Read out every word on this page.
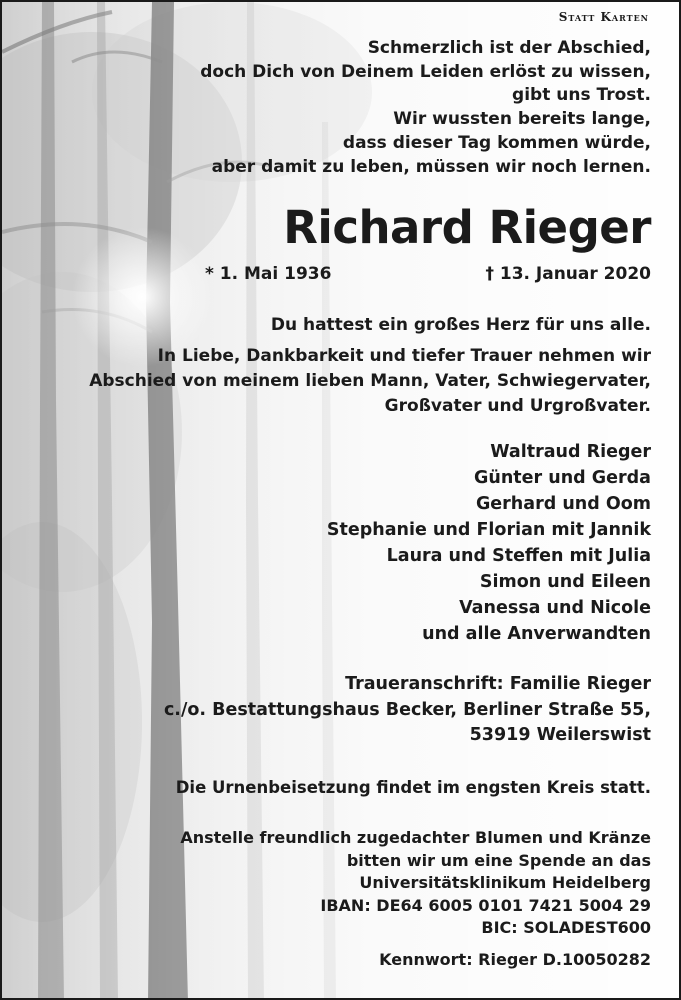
Statt Karten
Schmerzlich ist der Abschied,
doch Dich von Deinem Leiden erlöst zu wissen,
gibt uns Trost.
Wir wussten bereits lange,
dass dieser Tag kommen würde,
aber damit zu leben, müssen wir noch lernen.
Richard Rieger
* 1. Mai 1936	† 13. Januar 2020
Du hattest ein großes Herz für uns alle.
In Liebe, Dankbarkeit und tiefer Trauer nehmen wir
Abschied von meinem lieben Mann, Vater, Schwiegervater,
Großvater und Urgroßvater.
Waltraud Rieger
Günter und Gerda
Gerhard und Oom
Stephanie und Florian mit Jannik
Laura und Steffen mit Julia
Simon und Eileen
Vanessa und Nicole
und alle Anverwandten
Traueranschrift: Familie Rieger
c./o. Bestattungshaus Becker, Berliner Straße 55,
53919 Weilerswist
Die Urnenbeisetzung findet im engsten Kreis statt.
Anstelle freundlich zugedachter Blumen und Kränze
bitten wir um eine Spende an das
Universitätsklinikum Heidelberg
IBAN: DE64 6005 0101 7421 5004 29
BIC: SOLADEST600
Kennwort: Rieger D.10050282
